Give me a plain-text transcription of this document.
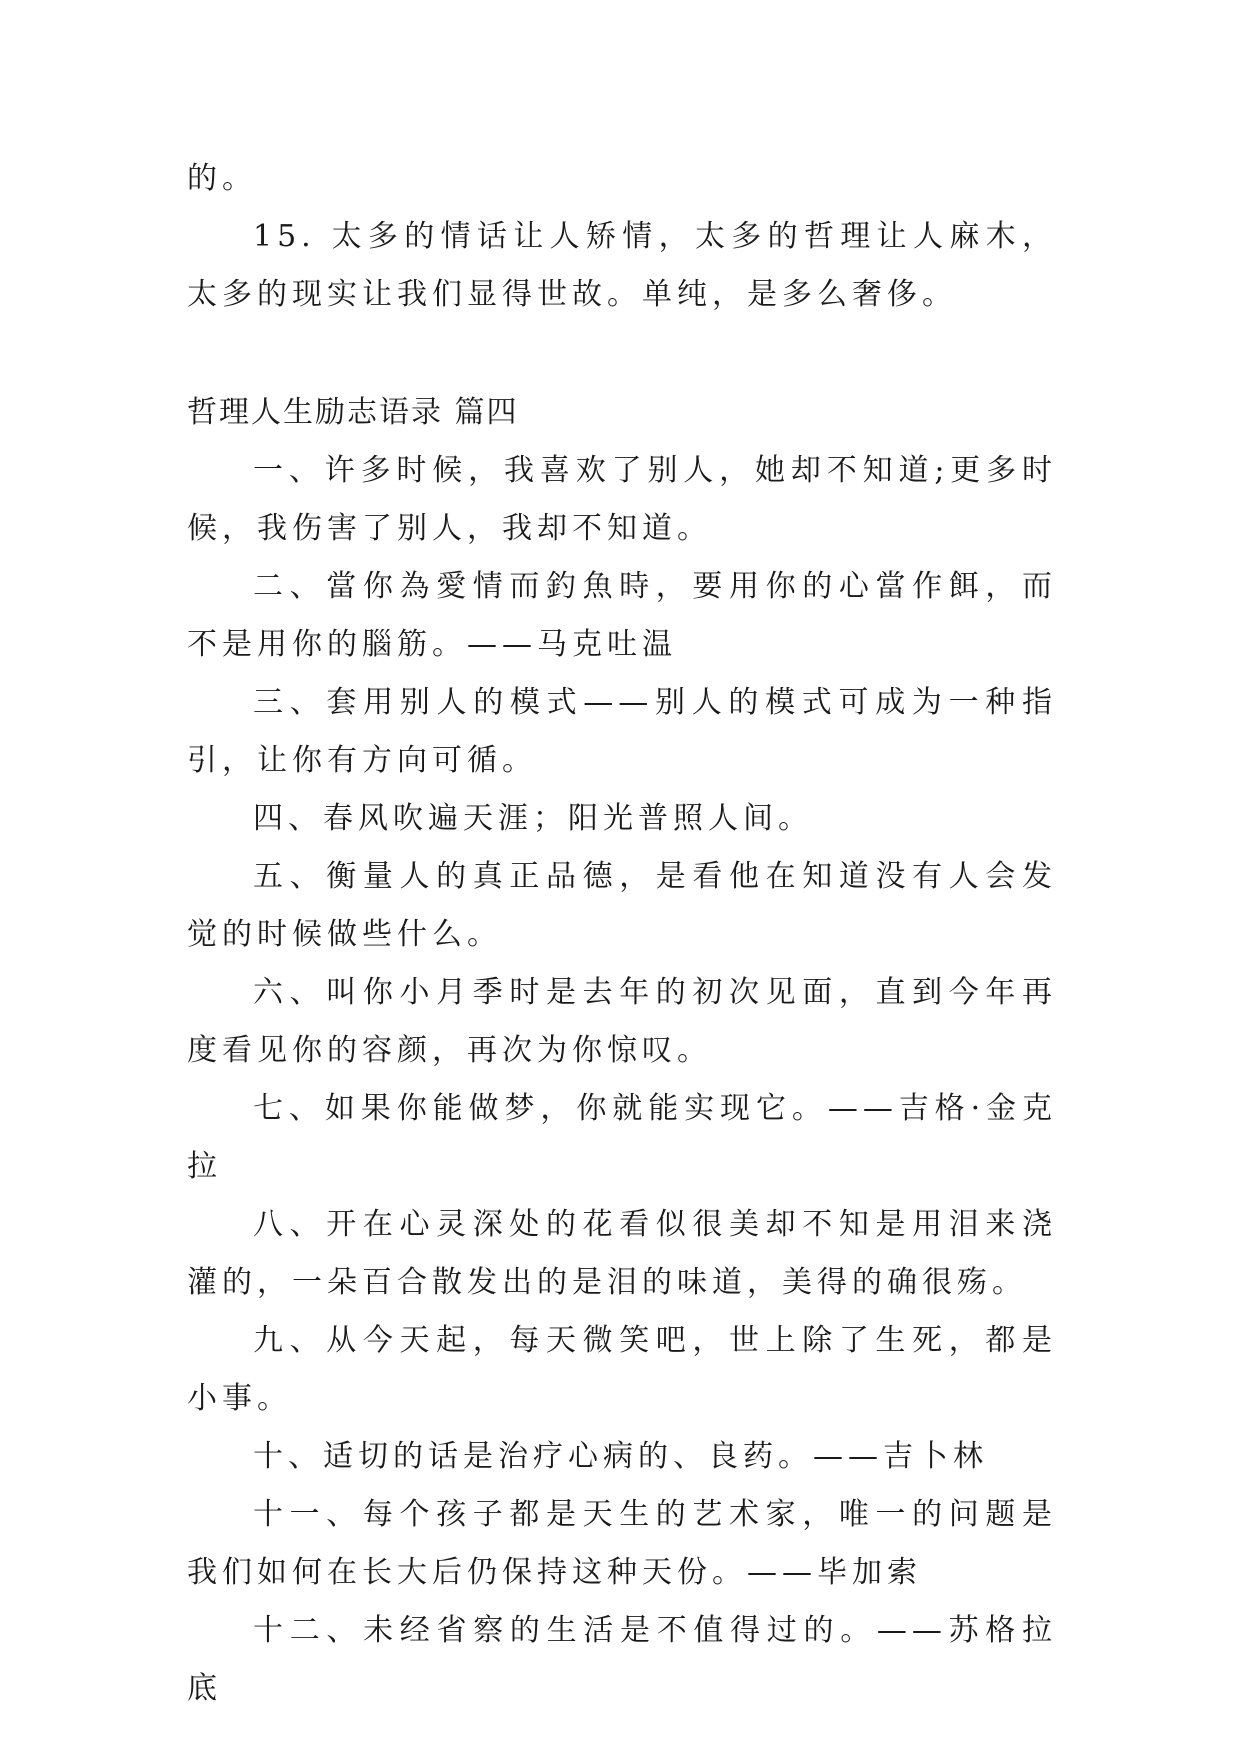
的。

15. 太多的情话让人矫情，太多的哲理让人麻木，太多的现实让我们显得世故。单纯，是多么奢侈。

哲理人生励志语录 篇四

一、许多时候，我喜欢了别人，她却不知道;更多时候，我伤害了别人，我却不知道。

二、當你為愛情而釣魚時，要用你的心當作餌，而不是用你的腦筋。——马克吐温

三、套用别人的模式——别人的模式可成为一种指引，让你有方向可循。

四、春风吹遍天涯；阳光普照人间。

五、衡量人的真正品德，是看他在知道没有人会发觉的时候做些什么。

六、叫你小月季时是去年的初次见面，直到今年再度看见你的容颜，再次为你惊叹。

七、如果你能做梦，你就能实现它。——吉格·金克拉

八、开在心灵深处的花看似很美却不知是用泪来浇灌的，一朵百合散发出的是泪的味道，美得的确很殇。

九、从今天起，每天微笑吧，世上除了生死，都是小事。

十、适切的话是治疗心病的、良药。——吉卜林

十一、每个孩子都是天生的艺术家，唯一的问题是我们如何在长大后仍保持这种天份。——毕加索

十二、未经省察的生活是不值得过的。——苏格拉底
